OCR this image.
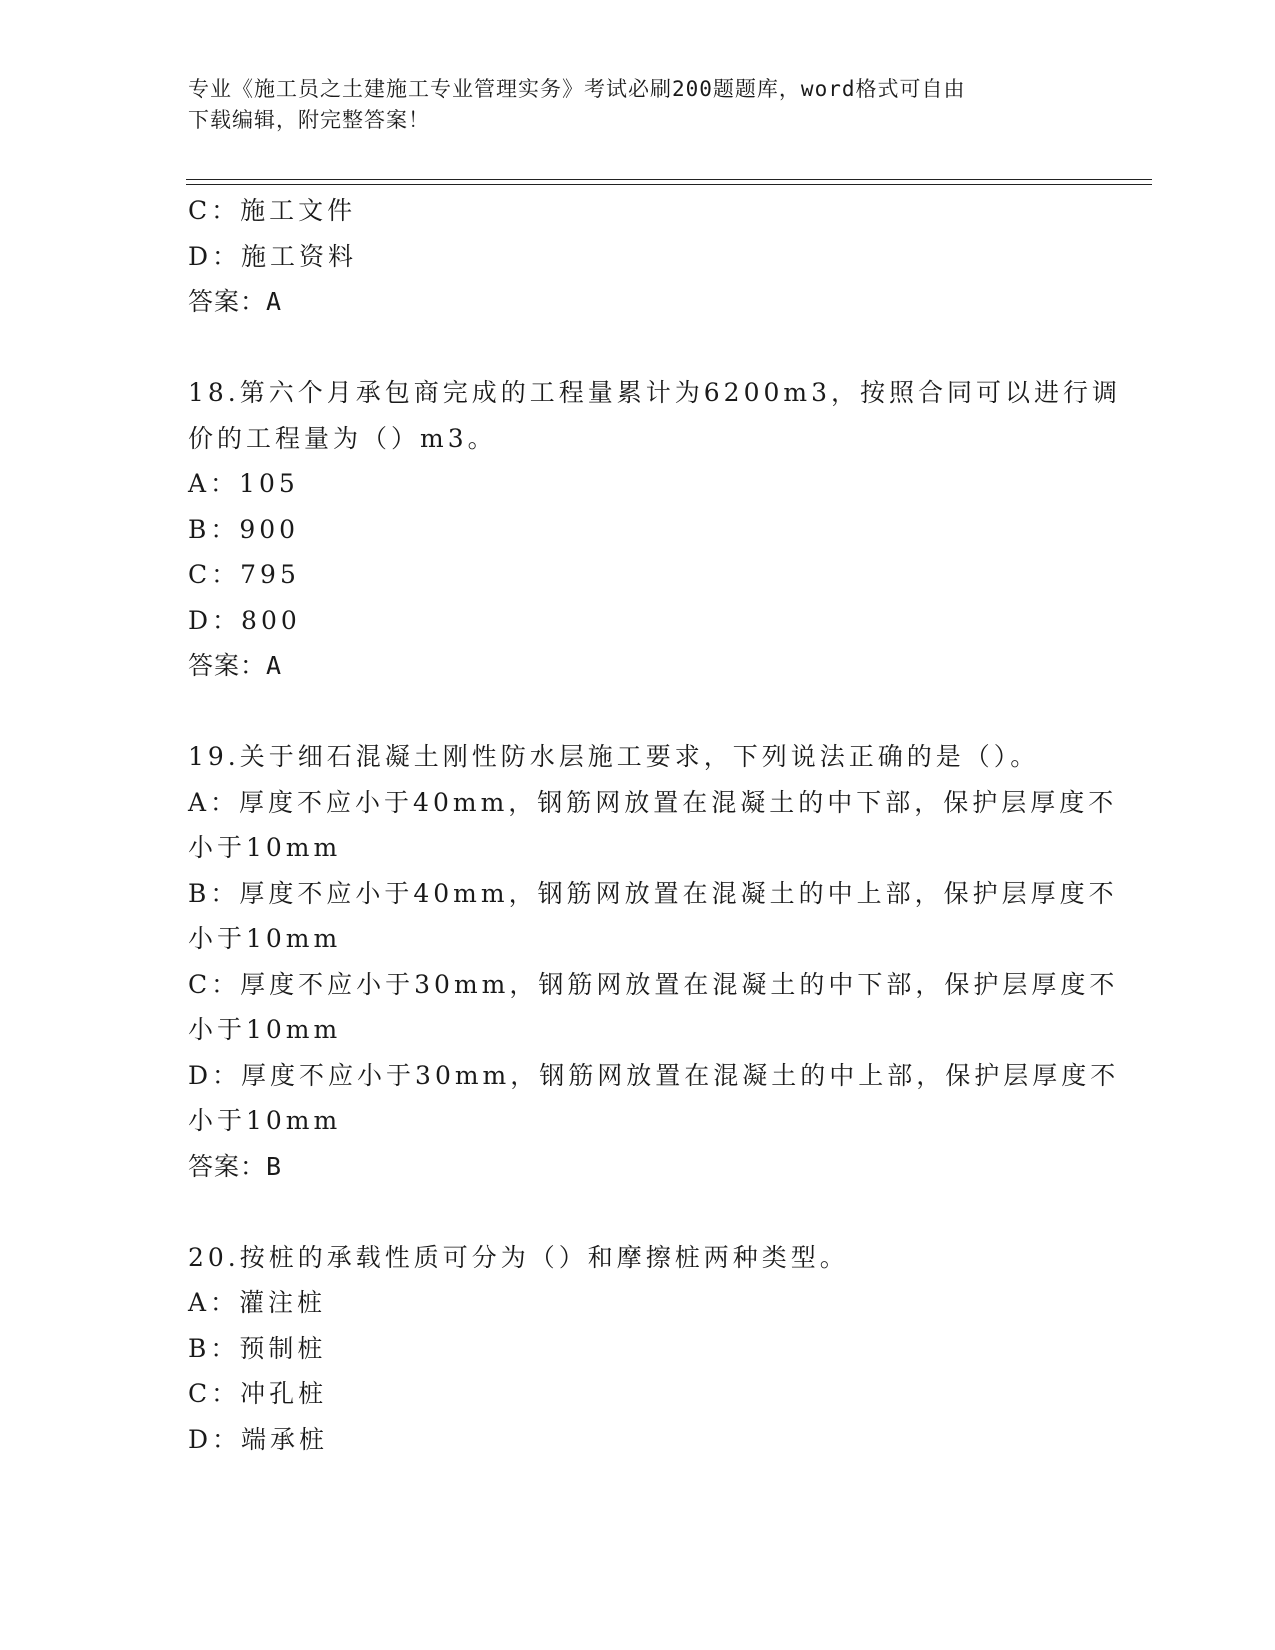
专业《施工员之土建施工专业管理实务》考试必刷200题题库，word格式可自由
下载编辑，附完整答案！
C：施工文件
D：施工资料
答案：A
18.第六个月承包商完成的工程量累计为6200m3，按照合同可以进行调
价的工程量为（）m3。
A：105
B：900
C：795
D：800
答案：A
19.关于细石混凝土刚性防水层施工要求，下列说法正确的是（）。
A：厚度不应小于40mm，钢筋网放置在混凝土的中下部，保护层厚度不
小于10mm
B：厚度不应小于40mm，钢筋网放置在混凝土的中上部，保护层厚度不
小于10mm
C：厚度不应小于30mm，钢筋网放置在混凝土的中下部，保护层厚度不
小于10mm
D：厚度不应小于30mm，钢筋网放置在混凝土的中上部，保护层厚度不
小于10mm
答案：B
20.按桩的承载性质可分为（）和摩擦桩两种类型。
A：灌注桩
B：预制桩
C：冲孔桩
D：端承桩
